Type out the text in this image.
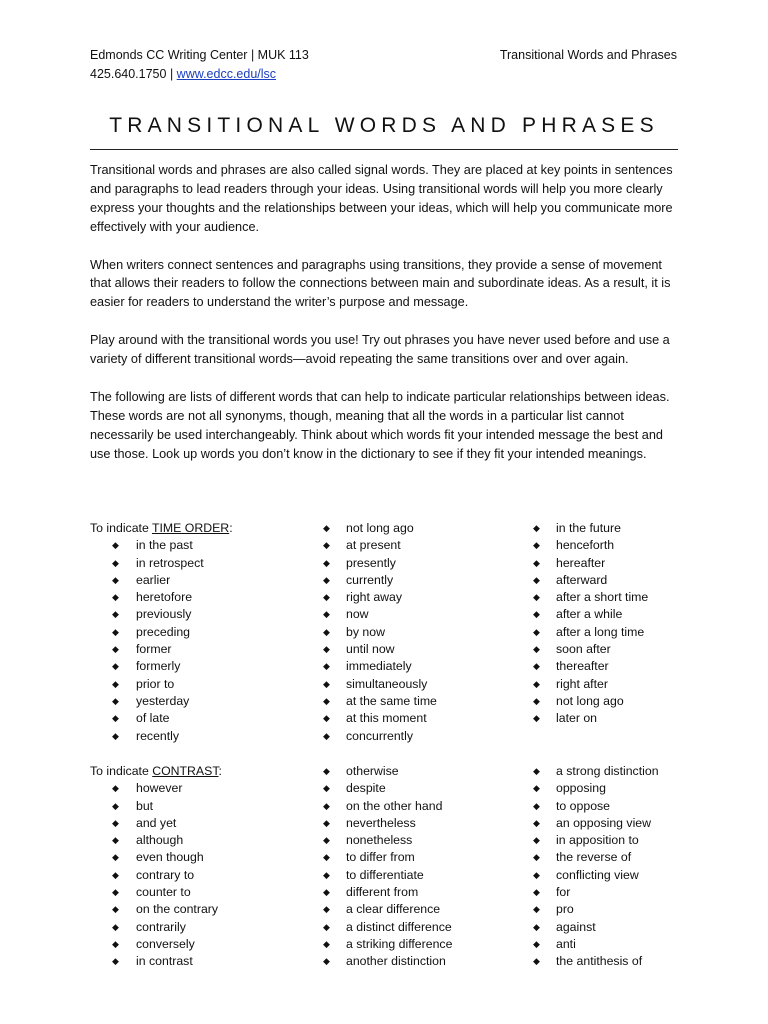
Edmonds CC Writing Center | MUK 113
425.640.1750 | www.edcc.edu/lsc
Transitional Words and Phrases
TRANSITIONAL WORDS AND PHRASES

Transitional words and phrases are also called signal words. They are placed at key points in sentences and paragraphs to lead readers through your ideas. Using transitional words will help you more clearly express your thoughts and the relationships between your ideas, which will help you communicate more effectively with your audience.

When writers connect sentences and paragraphs using transitions, they provide a sense of movement that allows their readers to follow the connections between main and subordinate ideas. As a result, it is easier for readers to understand the writer’s purpose and message.

Play around with the transitional words you use! Try out phrases you have never used before and use a variety of different transitional words—avoid repeating the same transitions over and over again.

The following are lists of different words that can help to indicate particular relationships between ideas. These words are not all synonyms, though, meaning that all the words in a particular list cannot necessarily be used interchangeably. Think about which words fit your intended message the best and use those. Look up words you don’t know in the dictionary to see if they fit your intended meanings.

To indicate TIME ORDER:
◆ in the past
◆ in retrospect
◆ earlier
◆ heretofore
◆ previously
◆ preceding
◆ former
◆ formerly
◆ prior to
◆ yesterday
◆ of late
◆ recently
◆ not long ago
◆ at present
◆ presently
◆ currently
◆ right away
◆ now
◆ by now
◆ until now
◆ immediately
◆ simultaneously
◆ at the same time
◆ at this moment
◆ concurrently
◆ in the future
◆ henceforth
◆ hereafter
◆ afterward
◆ after a short time
◆ after a while
◆ after a long time
◆ soon after
◆ thereafter
◆ right after
◆ not long ago
◆ later on
To indicate CONTRAST:
◆ however
◆ but
◆ and yet
◆ although
◆ even though
◆ contrary to
◆ counter to
◆ on the contrary
◆ contrarily
◆ conversely
◆ in contrast
◆ otherwise
◆ despite
◆ on the other hand
◆ nevertheless
◆ nonetheless
◆ to differ from
◆ to differentiate
◆ different from
◆ a clear difference
◆ a distinct difference
◆ a striking difference
◆ another distinction
◆ a strong distinction
◆ opposing
◆ to oppose
◆ an opposing view
◆ in apposition to
◆ the reverse of
◆ conflicting view
◆ for
◆ pro
◆ against
◆ anti
◆ the antithesis of
